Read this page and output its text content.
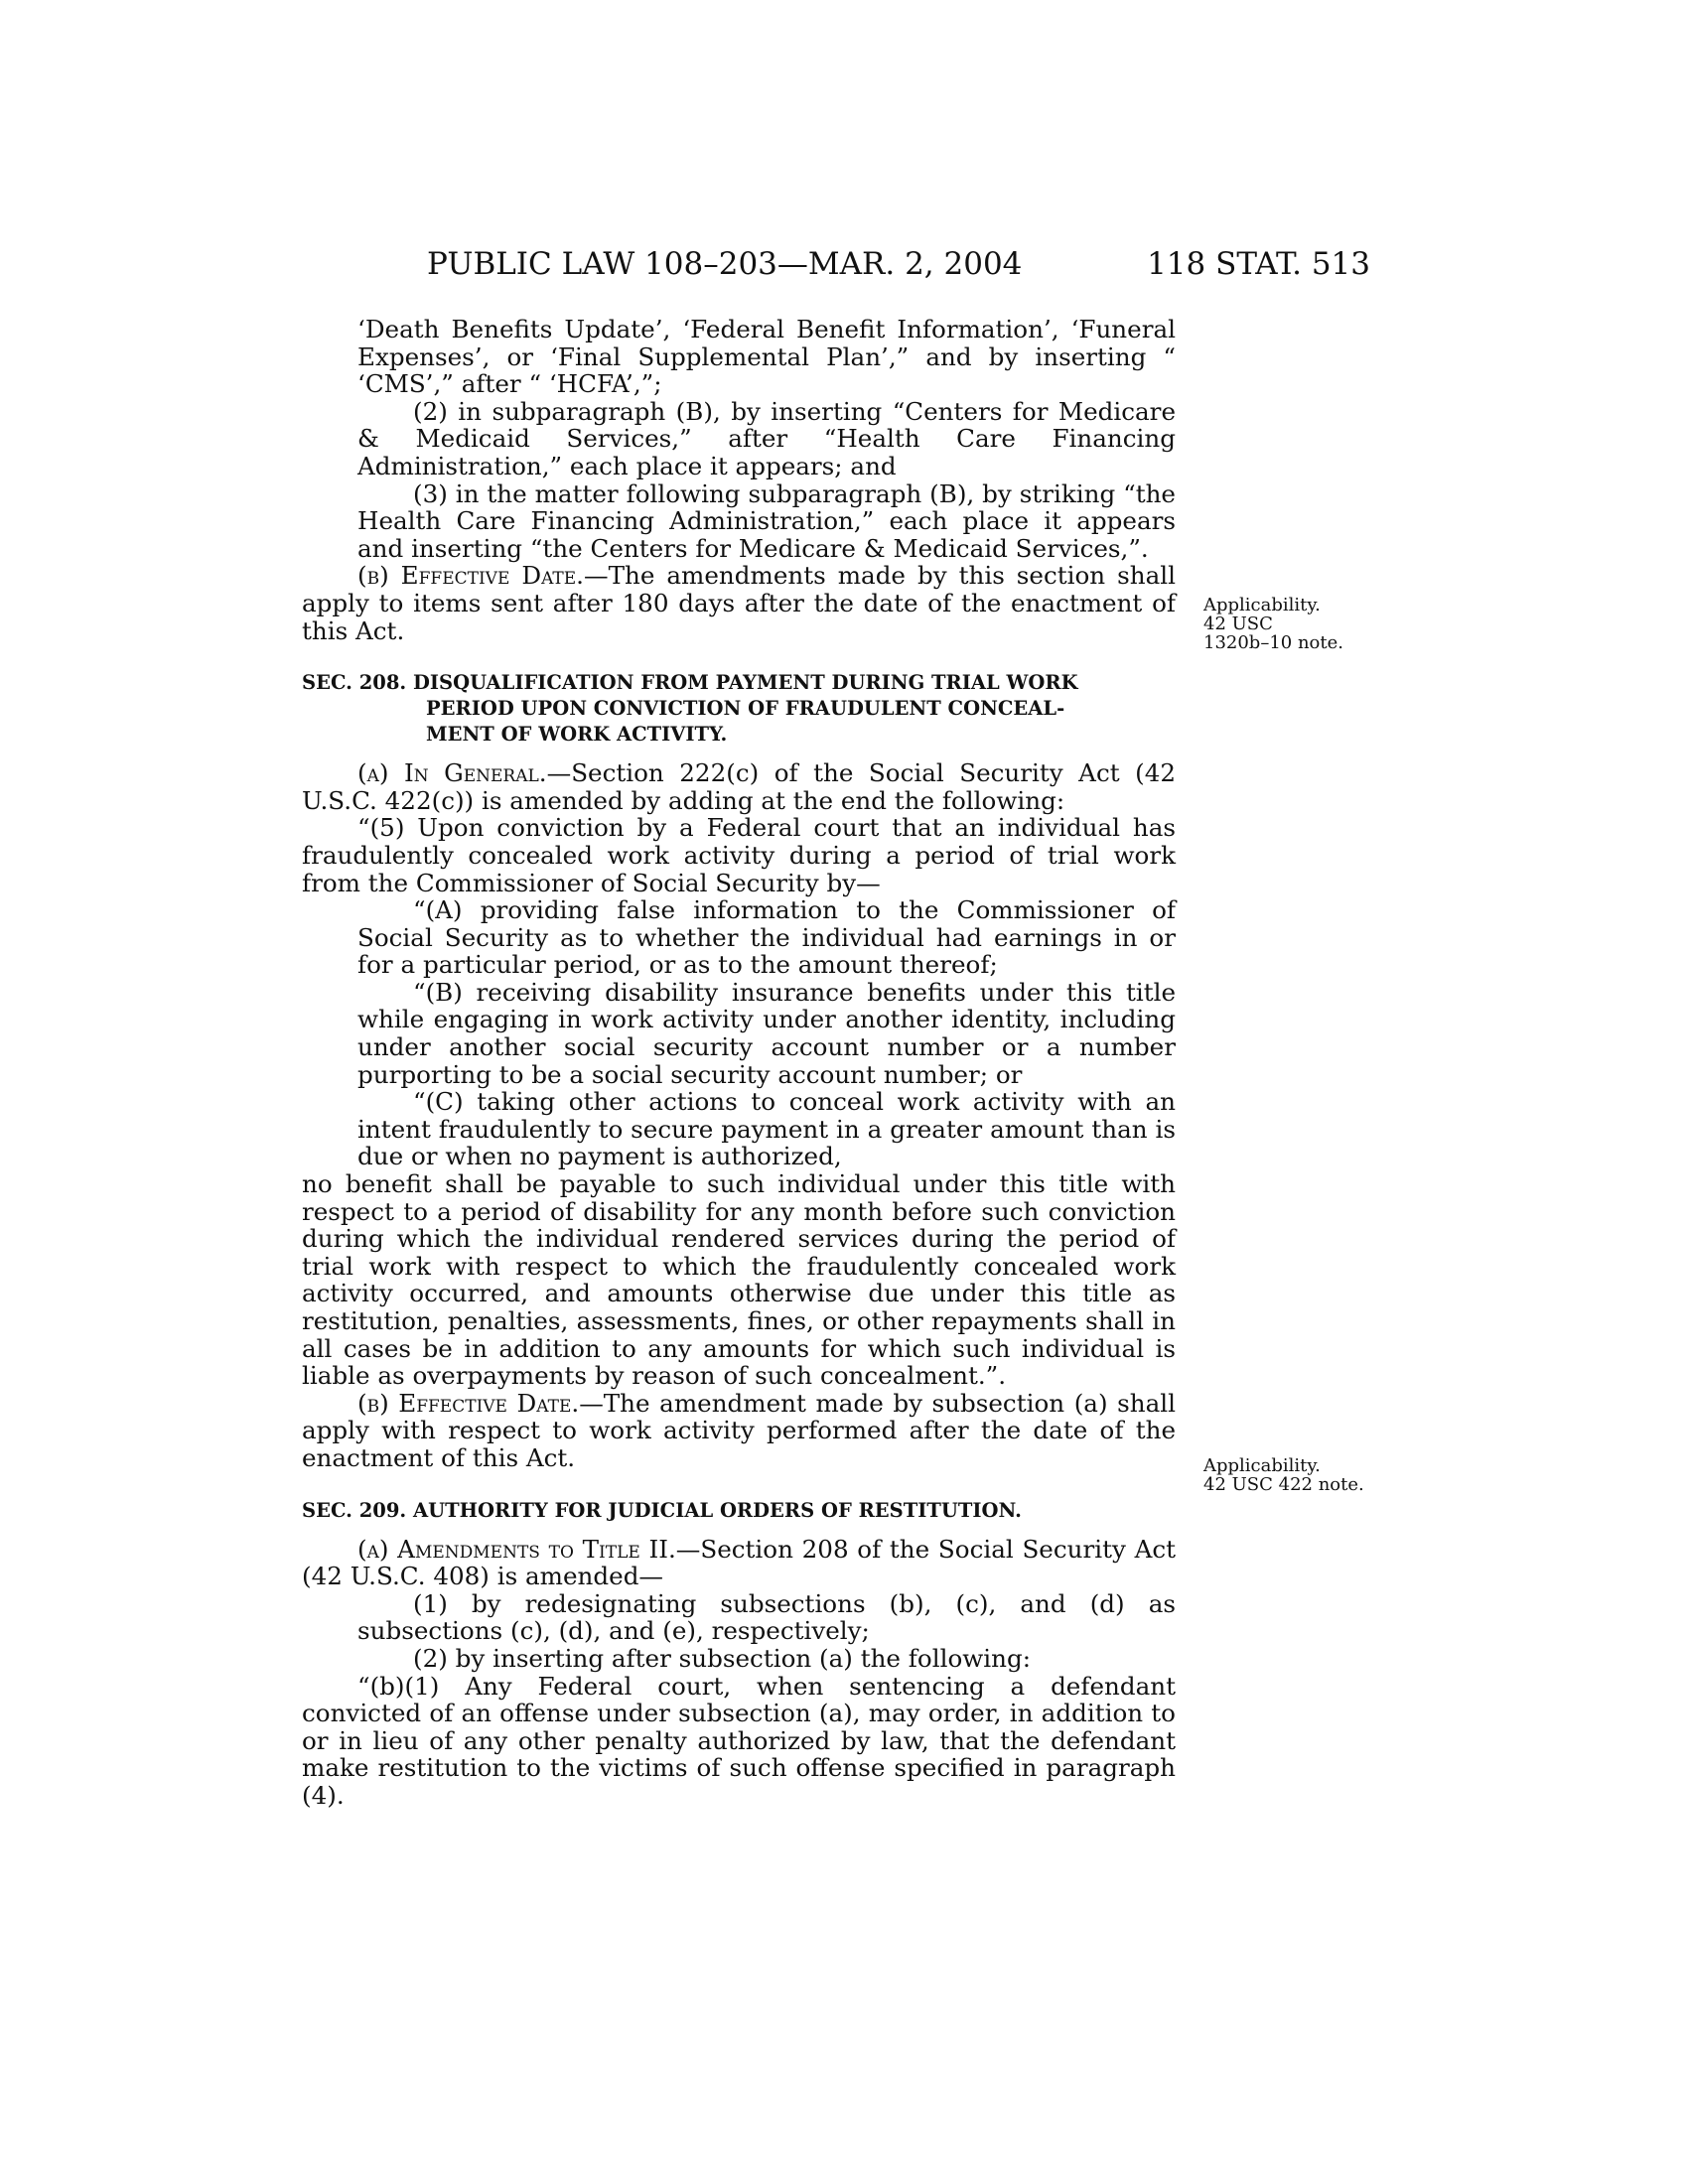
PUBLIC LAW 108–203—MAR. 2, 2004	118 STAT. 513

‘Death Benefits Update’, ‘Federal Benefit Information’, ‘Funeral Expenses’, or ‘Final Supplemental Plan’,” and by inserting “ ‘CMS’,” after “ ‘HCFA’,”;

(2) in subparagraph (B), by inserting “Centers for Medicare & Medicaid Services,” after “Health Care Financing Administration,” each place it appears; and

(3) in the matter following subparagraph (B), by striking “the Health Care Financing Administration,” each place it appears and inserting “the Centers for Medicare & Medicaid Services,”.

(b) Effective Date.—The amendments made by this section shall apply to items sent after 180 days after the date of the enactment of this Act.

SEC. 208. DISQUALIFICATION FROM PAYMENT DURING TRIAL WORK
PERIOD UPON CONVICTION OF FRAUDULENT CONCEAL-
MENT OF WORK ACTIVITY.

(a) In General.—Section 222(c) of the Social Security Act (42 U.S.C. 422(c)) is amended by adding at the end the following:

“(5) Upon conviction by a Federal court that an individual has fraudulently concealed work activity during a period of trial work from the Commissioner of Social Security by—

“(A) providing false information to the Commissioner of Social Security as to whether the individual had earnings in or for a particular period, or as to the amount thereof;

“(B) receiving disability insurance benefits under this title while engaging in work activity under another identity, including under another social security account number or a number purporting to be a social security account number; or

“(C) taking other actions to conceal work activity with an intent fraudulently to secure payment in a greater amount than is due or when no payment is authorized,

no benefit shall be payable to such individual under this title with respect to a period of disability for any month before such conviction during which the individual rendered services during the period of trial work with respect to which the fraudulently concealed work activity occurred, and amounts otherwise due under this title as restitution, penalties, assessments, fines, or other repayments shall in all cases be in addition to any amounts for which such individual is liable as overpayments by reason of such concealment.”.

(b) Effective Date.—The amendment made by subsection (a) shall apply with respect to work activity performed after the date of the enactment of this Act.

SEC. 209. AUTHORITY FOR JUDICIAL ORDERS OF RESTITUTION.

(a) Amendments to Title II.—Section 208 of the Social Security Act (42 U.S.C. 408) is amended—

(1) by redesignating subsections (b), (c), and (d) as subsections (c), (d), and (e), respectively;

(2) by inserting after subsection (a) the following:

“(b)(1) Any Federal court, when sentencing a defendant convicted of an offense under subsection (a), may order, in addition to or in lieu of any other penalty authorized by law, that the defendant make restitution to the victims of such offense specified in paragraph (4).

Applicability.
42 USC
1320b–10 note.
Applicability.
42 USC 422 note.
